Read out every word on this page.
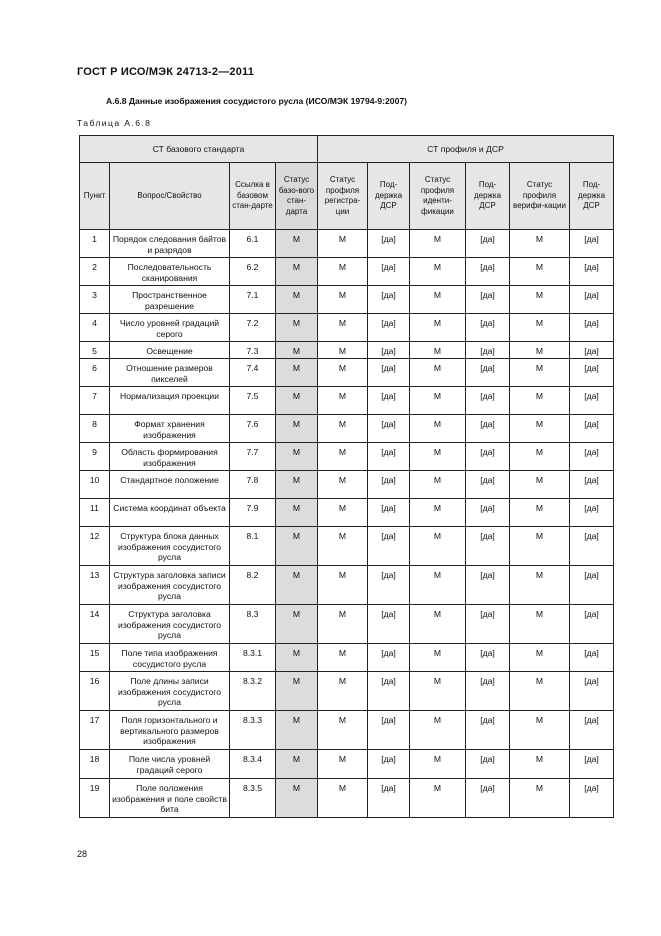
ГОСТ Р ИСО/МЭК 24713-2—2011
А.6.8 Данные изображения сосудистого русла (ИСО/МЭК 19794-9:2007)
Таблица А.6.8
СТ базового стандарта				СТ профиля и ДСР					
Пункт	Вопрос/Свойство	Ссылка в базовом стан-дарте	Статус базо-вого стан-дарта	Статус профиля регистра-ции	Под-держка ДСР	Статус профиля иденти-фикации	Под-держка ДСР	Статус профиля верифи-кации	Под-держка ДСР
1	Порядок следования байтов и разрядов	6.1	М	М	[да]	М	[да]	М	[да]
2	Последовательность сканирования	6.2	М	М	[да]	М	[да]	М	[да]
3	Пространственное разрешение	7.1	М	М	[да]	М	[да]	М	[да]
4	Число уровней градаций серого	7.2	М	М	[да]	М	[да]	М	[да]
5	Освещение	7.3	М	М	[да]	М	[да]	М	[да]
6	Отношение размеров пикселей	7.4	М	М	[да]	М	[да]	М	[да]
7	Нормализация проекции	7.5	М	М	[да]	М	[да]	М	[да]
8	Формат хранения изображения	7.6	М	М	[да]	М	[да]	М	[да]
9	Область формирования изображения	7.7	М	М	[да]	М	[да]	М	[да]
10	Стандартное положение	7.8	М	М	[да]	М	[да]	М	[да]
11	Система координат объекта	7.9	М	М	[да]	М	[да]	М	[да]
12	Структура блока данных изображения сосудистого русла	8.1	М	М	[да]	М	[да]	М	[да]
13	Структура заголовка записи изображения сосудистого русла	8.2	М	М	[да]	М	[да]	М	[да]
14	Структура заголовка изображения сосудистого русла	8.3	М	М	[да]	М	[да]	М	[да]
15	Поле типа изображения сосудистого русла	8.3.1	М	М	[да]	М	[да]	М	[да]
16	Поле длины записи изображения сосудистого русла	8.3.2	М	М	[да]	М	[да]	М	[да]
17	Поля горизонтального и вертикального размеров изображения	8.3.3	М	М	[да]	М	[да]	М	[да]
18	Поле числа уровней градаций серого	8.3.4	М	М	[да]	М	[да]	М	[да]
19	Поле положения изображения и поле свойств бита	8.3.5	М	М	[да]	М	[да]	М	[да]
28
